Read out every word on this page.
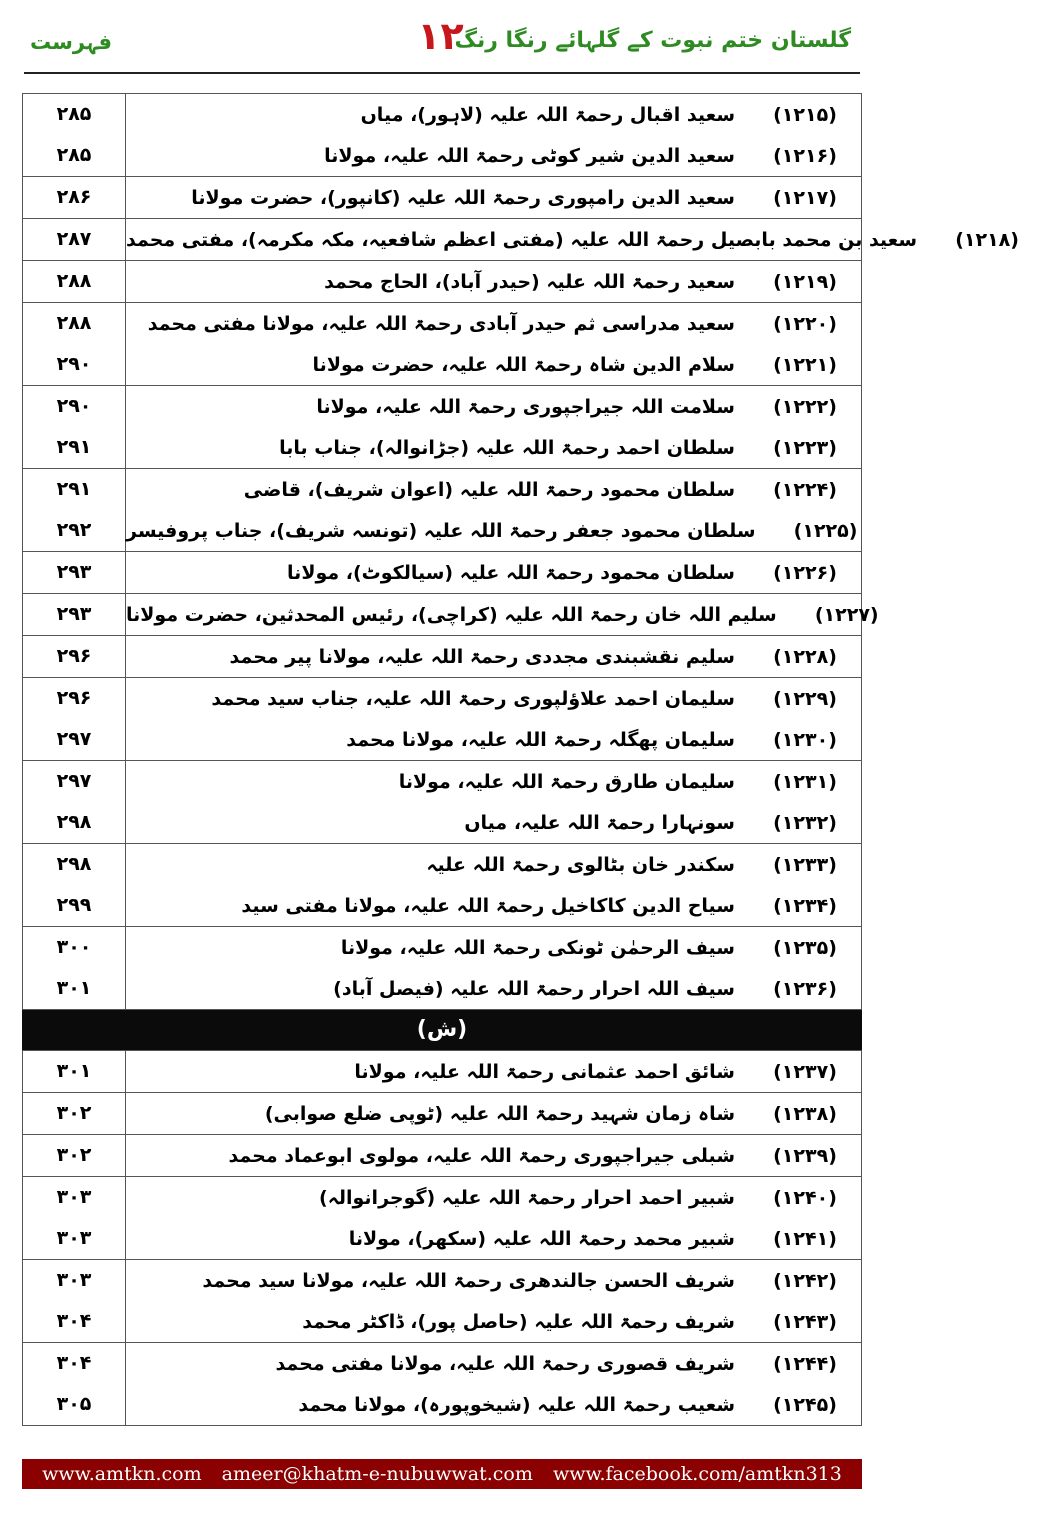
گلستان ختم نبوت کے گلہائے رنگا رنگ
۱۲
فہرست
۲۸۵	سعید اقبال رحمۃ اللہ علیہ (لاہور)، میاں	(۱۲۱۵)
۲۸۵	سعید الدین شیر کوٹی رحمۃ اللہ علیہ، مولانا	(۱۲۱۶)
۲۸۶	سعید الدین رامپوری رحمۃ اللہ علیہ (کانپور)، حضرت مولانا	(۱۲۱۷)
۲۸۷	سعید بن محمد بابصیل رحمۃ اللہ علیہ (مفتی اعظم شافعیہ، مکہ مکرمہ)، مفتی محمد	(۱۲۱۸)
۲۸۸	سعید رحمۃ اللہ علیہ (حیدر آباد)، الحاج محمد	(۱۲۱۹)
۲۸۸	سعید مدراسی ثم حیدر آبادی رحمۃ اللہ علیہ، مولانا مفتی محمد	(۱۲۲۰)
۲۹۰	سلام الدین شاہ رحمۃ اللہ علیہ، حضرت مولانا	(۱۲۲۱)
۲۹۰	سلامت اللہ جیراجپوری رحمۃ اللہ علیہ، مولانا	(۱۲۲۲)
۲۹۱	سلطان احمد رحمۃ اللہ علیہ (جڑانوالہ)، جناب بابا	(۱۲۲۳)
۲۹۱	سلطان محمود رحمۃ اللہ علیہ (اعوان شریف)، قاضی	(۱۲۲۴)
۲۹۲	سلطان محمود جعفر رحمۃ اللہ علیہ (تونسہ شریف)، جناب پروفیسر	(۱۲۲۵)
۲۹۳	سلطان محمود رحمۃ اللہ علیہ (سیالکوٹ)، مولانا	(۱۲۲۶)
۲۹۳	سلیم اللہ خان رحمۃ اللہ علیہ (کراچی)، رئیس المحدثین، حضرت مولانا	(۱۲۲۷)
۲۹۶	سلیم نقشبندی مجددی رحمۃ اللہ علیہ، مولانا پیر محمد	(۱۲۲۸)
۲۹۶	سلیمان احمد علاؤلپوری رحمۃ اللہ علیہ، جناب سید محمد	(۱۲۲۹)
۲۹۷	سلیمان پھگلہ رحمۃ اللہ علیہ، مولانا محمد	(۱۲۳۰)
۲۹۷	سلیمان طارق رحمۃ اللہ علیہ، مولانا	(۱۲۳۱)
۲۹۸	سونہارا رحمۃ اللہ علیہ، میاں	(۱۲۳۲)
۲۹۸	سکندر خان بٹالوی رحمۃ اللہ علیہ	(۱۲۳۳)
۲۹۹	سیاح الدین کاکاخیل رحمۃ اللہ علیہ، مولانا مفتی سید	(۱۲۳۴)
۳۰۰	سیف الرحمٰن ٹونکی رحمۃ اللہ علیہ، مولانا	(۱۲۳۵)
۳۰۱	سیف اللہ احرار رحمۃ اللہ علیہ (فیصل آباد)	(۱۲۳۶)
(ش)
۳۰۱	شائق احمد عثمانی رحمۃ اللہ علیہ، مولانا	(۱۲۳۷)
۳۰۲	شاہ زمان شہید رحمۃ اللہ علیہ (ٹوپی ضلع صوابی)	(۱۲۳۸)
۳۰۲	شبلی جیراجپوری رحمۃ اللہ علیہ، مولوی ابوعماد محمد	(۱۲۳۹)
۳۰۳	شبیر احمد احرار رحمۃ اللہ علیہ (گوجرانوالہ)	(۱۲۴۰)
۳۰۳	شبیر محمد رحمۃ اللہ علیہ (سکھر)، مولانا	(۱۲۴۱)
۳۰۳	شریف الحسن جالندھری رحمۃ اللہ علیہ، مولانا سید محمد	(۱۲۴۲)
۳۰۴	شریف رحمۃ اللہ علیہ (حاصل پور)، ڈاکٹر محمد	(۱۲۴۳)
۳۰۴	شریف قصوری رحمۃ اللہ علیہ، مولانا مفتی محمد	(۱۲۴۴)
۳۰۵	شعیب رحمۃ اللہ علیہ (شیخوپورہ)، مولانا محمد	(۱۲۴۵)
www.amtkn.com ameer@khatm-e-nubuwwat.com www.facebook.com/amtkn313
